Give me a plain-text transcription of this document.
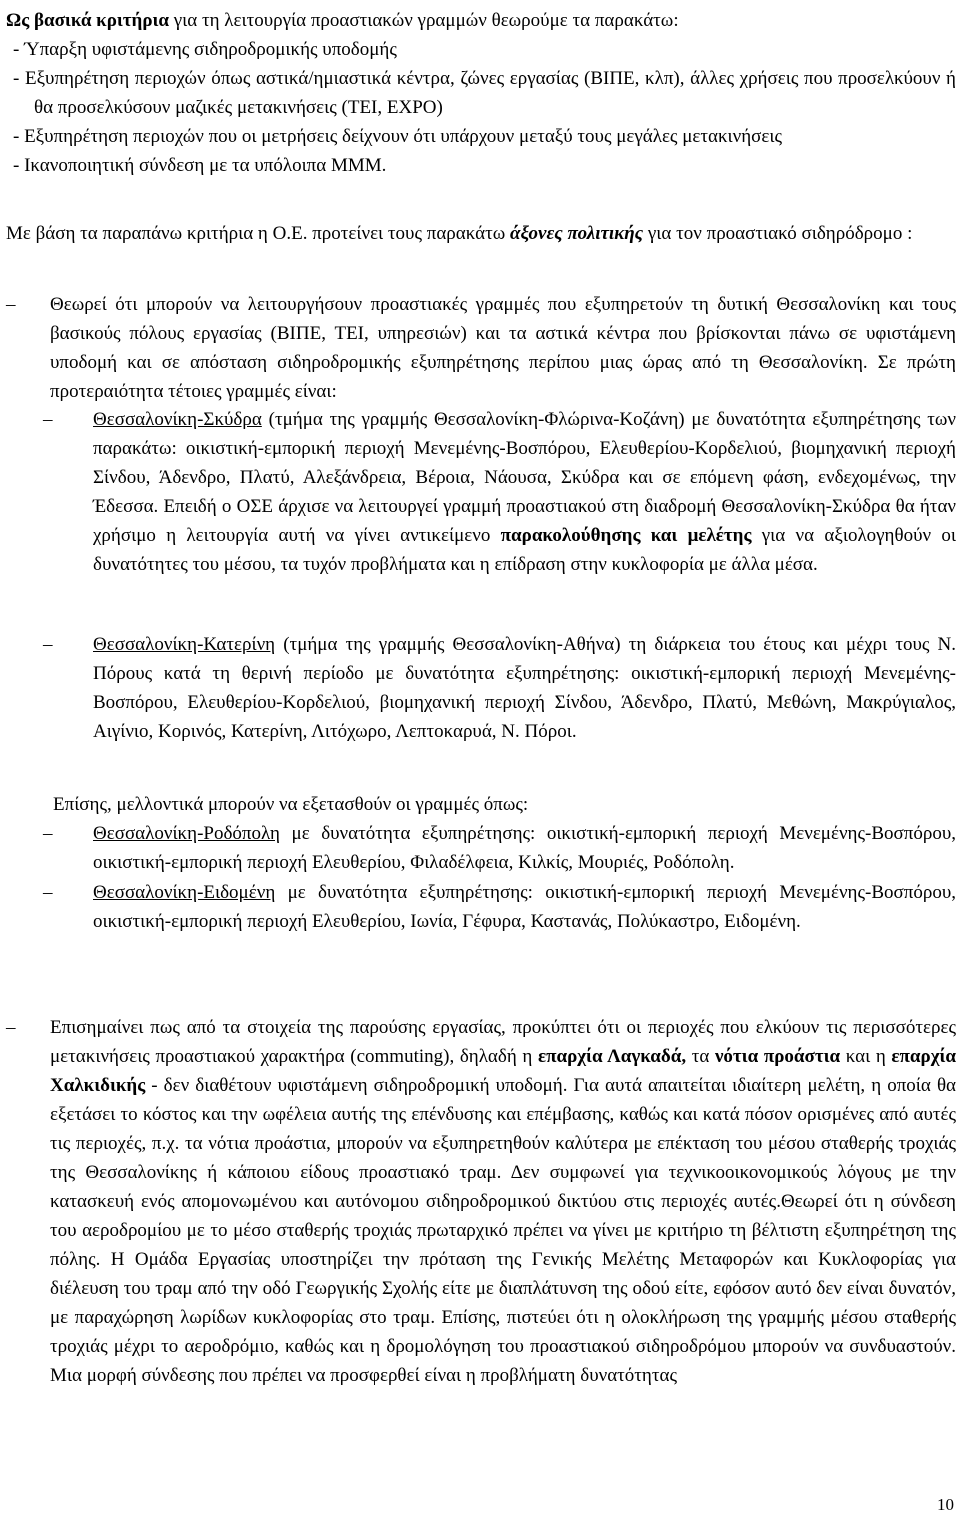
Ως βασικά κριτήρια για τη λειτουργία προαστιακών γραμμών θεωρούμε τα παρακάτω:

- Ύπαρξη υφιστάμενης σιδηροδρομικής υποδομής

- Εξυπηρέτηση περιοχών όπως αστικά/ημιαστικά κέντρα, ζώνες εργασίας (ΒΙΠΕ, κλπ), άλλες χρήσεις που προσελκύουν ή θα προσελκύσουν μαζικές μετακινήσεις (ΤΕΙ, EXPO)

- Εξυπηρέτηση περιοχών που οι μετρήσεις δείχνουν ότι υπάρχουν μεταξύ τους μεγάλες μετακινήσεις

- Ικανοποιητική σύνδεση με τα υπόλοιπα ΜΜΜ.

Με βάση τα παραπάνω κριτήρια η Ο.Ε. προτείνει τους παρακάτω άξονες πολιτικής για τον προαστιακό σιδηρόδρομο :

– Θεωρεί ότι μπορούν να λειτουργήσουν προαστιακές γραμμές που εξυπηρετούν τη δυτική Θεσσαλονίκη και τους βασικούς πόλους εργασίας (ΒΙΠΕ, ΤΕΙ, υπηρεσιών) και τα αστικά κέντρα που βρίσκονται πάνω σε υφιστάμενη υποδομή και σε απόσταση σιδηροδρομικής εξυπηρέτησης περίπου μιας ώρας από τη Θεσσαλονίκη. Σε πρώτη προτεραιότητα τέτοιες γραμμές είναι:

– Θεσσαλονίκη-Σκύδρα (τμήμα της γραμμής Θεσσαλονίκη-Φλώρινα-Κοζάνη) με δυνατότητα εξυπηρέτησης των παρακάτω: οικιστική-εμπορική περιοχή Μενεμένης-Βοσπόρου, Ελευθερίου-Κορδελιού, βιομηχανική περιοχή Σίνδου, Άδενδρο, Πλατύ, Αλεξάνδρεια, Βέροια, Νάουσα, Σκύδρα και σε επόμενη φάση, ενδεχομένως, την Έδεσσα. Επειδή ο ΟΣΕ άρχισε να λειτουργεί γραμμή προαστιακού στη διαδρομή Θεσσαλονίκη-Σκύδρα θα ήταν χρήσιμο η λειτουργία αυτή να γίνει αντικείμενο παρακολούθησης και μελέτης για να αξιολογηθούν οι δυνατότητες του μέσου, τα τυχόν προβλήματα και η επίδραση στην κυκλοφορία με άλλα μέσα.

– Θεσσαλονίκη-Κατερίνη (τμήμα της γραμμής Θεσσαλονίκη-Αθήνα) τη διάρκεια του έτους και μέχρι τους Ν. Πόρους κατά τη θερινή περίοδο με δυνατότητα εξυπηρέτησης: οικιστική-εμπορική περιοχή Μενεμένης-Βοσπόρου, Ελευθερίου-Κορδελιού, βιομηχανική περιοχή Σίνδου, Άδενδρο, Πλατύ, Μεθώνη, Μακρύγιαλος, Αιγίνιο, Κορινός, Κατερίνη, Λιτόχωρο, Λεπτοκαρυά, Ν. Πόροι.

Επίσης, μελλοντικά μπορούν να εξετασθούν οι γραμμές όπως:

– Θεσσαλονίκη-Ροδόπολη με δυνατότητα εξυπηρέτησης: οικιστική-εμπορική περιοχή Μενεμένης-Βοσπόρου, οικιστική-εμπορική περιοχή Ελευθερίου, Φιλαδέλφεια, Κιλκίς, Μουριές, Ροδόπολη.

– Θεσσαλονίκη-Ειδομένη με δυνατότητα εξυπηρέτησης: οικιστική-εμπορική περιοχή Μενεμένης-Βοσπόρου, οικιστική-εμπορική περιοχή Ελευθερίου, Ιωνία, Γέφυρα, Καστανάς, Πολύκαστρο, Ειδομένη.

– Επισημαίνει πως από τα στοιχεία της παρούσης εργασίας, προκύπτει ότι οι περιοχές που ελκύουν τις περισσότερες μετακινήσεις προαστιακού χαρακτήρα (commuting), δηλαδή η επαρχία Λαγκαδά, τα νότια προάστια και η επαρχία Χαλκιδικής - δεν διαθέτουν υφιστάμενη σιδηροδρομική υποδομή. Για αυτά απαιτείται ιδιαίτερη μελέτη, η οποία θα εξετάσει το κόστος και την ωφέλεια αυτής της επένδυσης και επέμβασης, καθώς και κατά πόσον ορισμένες από αυτές τις περιοχές, π.χ. τα νότια προάστια, μπορούν να εξυπηρετηθούν καλύτερα με επέκταση του μέσου σταθερής τροχιάς της Θεσσαλονίκης ή κάποιου είδους προαστιακό τραμ. Δεν συμφωνεί για τεχνικοοικονομικούς λόγους με την κατασκευή ενός απομονωμένου και αυτόνομου σιδηροδρομικού δικτύου στις περιοχές αυτές.Θεωρεί ότι η σύνδεση του αεροδρομίου με το μέσο σταθερής τροχιάς πρωταρχικό πρέπει να γίνει με κριτήριο τη βέλτιστη εξυπηρέτηση της πόλης. Η Ομάδα Εργασίας υποστηρίζει την πρόταση της Γενικής Μελέτης Μεταφορών και Κυκλοφορίας για διέλευση του τραμ από την οδό Γεωργικής Σχολής είτε με διαπλάτυνση της οδού είτε, εφόσον αυτό δεν είναι δυνατόν, με παραχώρηση λωρίδων κυκλοφορίας στο τραμ. Επίσης, πιστεύει ότι η ολοκλήρωση της γραμμής μέσου σταθερής τροχιάς μέχρι το αεροδρόμιο, καθώς και η δρομολόγηση του προαστιακού σιδηροδρόμου μπορούν να συνδυαστούν. Μια μορφή σύνδεσης που πρέπει να προσφερθεί είναι η προβλήματη δυνατότητας

10
